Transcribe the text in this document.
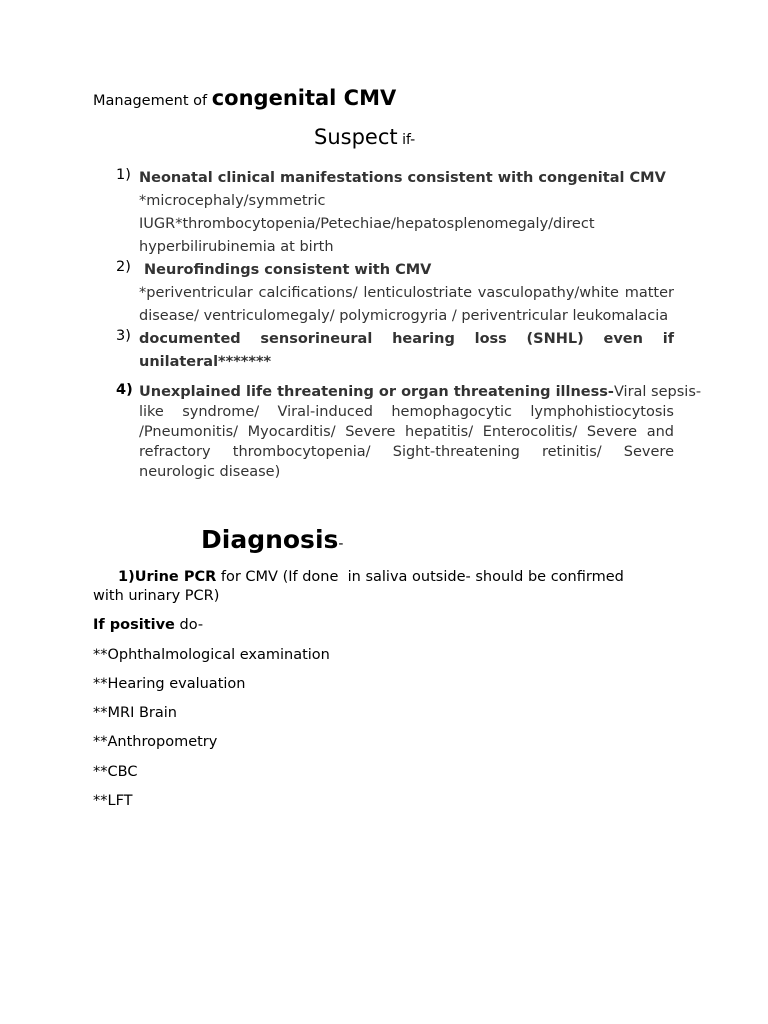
Management of congenital CMV
Suspect if-
1) Neonatal clinical manifestations consistent with congenital CMV
*microcephaly/symmetric
IUGR*thrombocytopenia/Petechiae/hepatosplenomegaly/direct
hyperbilirubinemia at birth
2) Neurofindings consistent with CMV
*periventricular calcifications/ lenticulostriate vasculopathy/white matter
disease/ ventriculomegaly/ polymicrogyria / periventricular leukomalacia
3) documented sensorineural hearing loss (SNHL) even if
unilateral*******
4) Unexplained life threatening or organ threatening illness- Viral sepsis-
like syndrome/ Viral-induced hemophagocytic lymphohistiocytosis
/Pneumonitis/ Myocarditis/ Severe hepatitis/ Enterocolitis/ Severe and
refractory thrombocytopenia/ Sight-threatening retinitis/ Severe
neurologic disease)
Diagnosis-
1)Urine PCR for CMV (If done  in saliva outside- should be confirmed
with urinary PCR)
If positive do-
**Ophthalmological examination
**Hearing evaluation
**MRI Brain
**Anthropometry
**CBC
**LFT
